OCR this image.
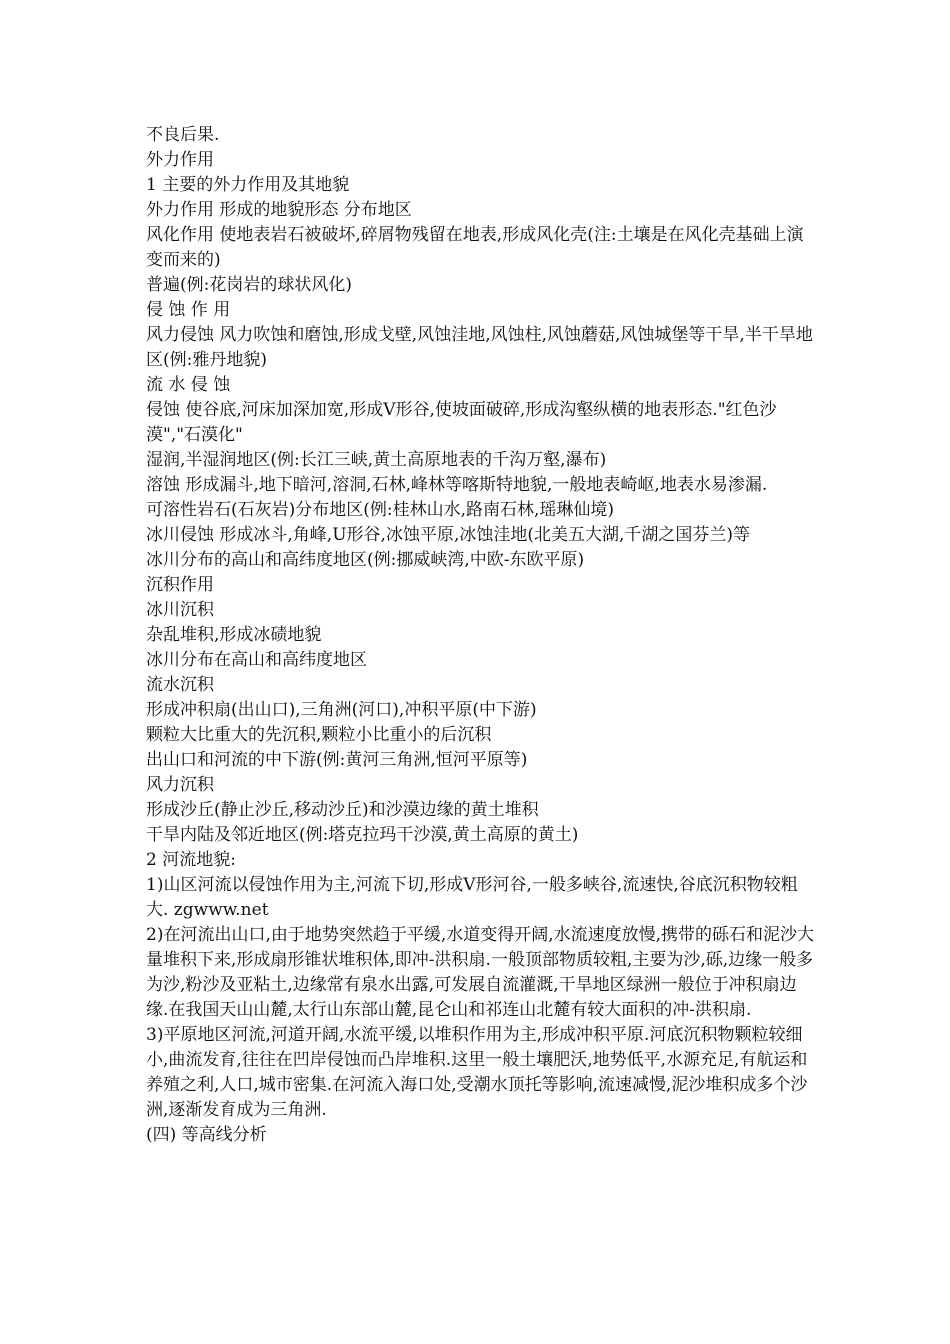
不良后果.

外力作用

1 主要的外力作用及其地貌

外力作用 形成的地貌形态 分布地区

风化作用 使地表岩石被破坏,碎屑物残留在地表,形成风化壳(注:土壤是在风化壳基础上演变而来的)

普遍(例:花岗岩的球状风化)

侵 蚀 作 用

风力侵蚀 风力吹蚀和磨蚀,形成戈壁,风蚀洼地,风蚀柱,风蚀蘑菇,风蚀城堡等干旱,半干旱地区(例:雅丹地貌)

流 水 侵 蚀

侵蚀 使谷底,河床加深加宽,形成V形谷,使坡面破碎,形成沟壑纵横的地表形态."红色沙漠","石漠化"

湿润,半湿润地区(例:长江三峡,黄土高原地表的千沟万壑,瀑布)

溶蚀 形成漏斗,地下暗河,溶洞,石林,峰林等喀斯特地貌,一般地表崎岖,地表水易渗漏.

可溶性岩石(石灰岩)分布地区(例:桂林山水,路南石林,瑶琳仙境)

冰川侵蚀 形成冰斗,角峰,U形谷,冰蚀平原,冰蚀洼地(北美五大湖,千湖之国芬兰)等

冰川分布的高山和高纬度地区(例:挪威峡湾,中欧-东欧平原)

沉积作用

冰川沉积

杂乱堆积,形成冰碛地貌

冰川分布在高山和高纬度地区

流水沉积

形成冲积扇(出山口),三角洲(河口),冲积平原(中下游)

颗粒大比重大的先沉积,颗粒小比重小的后沉积

出山口和河流的中下游(例:黄河三角洲,恒河平原等)

风力沉积

形成沙丘(静止沙丘,移动沙丘)和沙漠边缘的黄土堆积

干旱内陆及邻近地区(例:塔克拉玛干沙漠,黄土高原的黄土)

2 河流地貌:

1)山区河流以侵蚀作用为主,河流下切,形成V形河谷,一般多峡谷,流速快,谷底沉积物较粗大. zgwww.net

2)在河流出山口,由于地势突然趋于平缓,水道变得开阔,水流速度放慢,携带的砾石和泥沙大量堆积下来,形成扇形锥状堆积体,即冲-洪积扇.一般顶部物质较粗,主要为沙,砾,边缘一般多为沙,粉沙及亚粘土,边缘常有泉水出露,可发展自流灌溉,干旱地区绿洲一般位于冲积扇边缘.在我国天山山麓,太行山东部山麓,昆仑山和祁连山北麓有较大面积的冲-洪积扇.

3)平原地区河流,河道开阔,水流平缓,以堆积作用为主,形成冲积平原.河底沉积物颗粒较细小,曲流发育,往往在凹岸侵蚀而凸岸堆积.这里一般土壤肥沃,地势低平,水源充足,有航运和养殖之利,人口,城市密集.在河流入海口处,受潮水顶托等影响,流速减慢,泥沙堆积成多个沙洲,逐渐发育成为三角洲.

(四) 等高线分析
